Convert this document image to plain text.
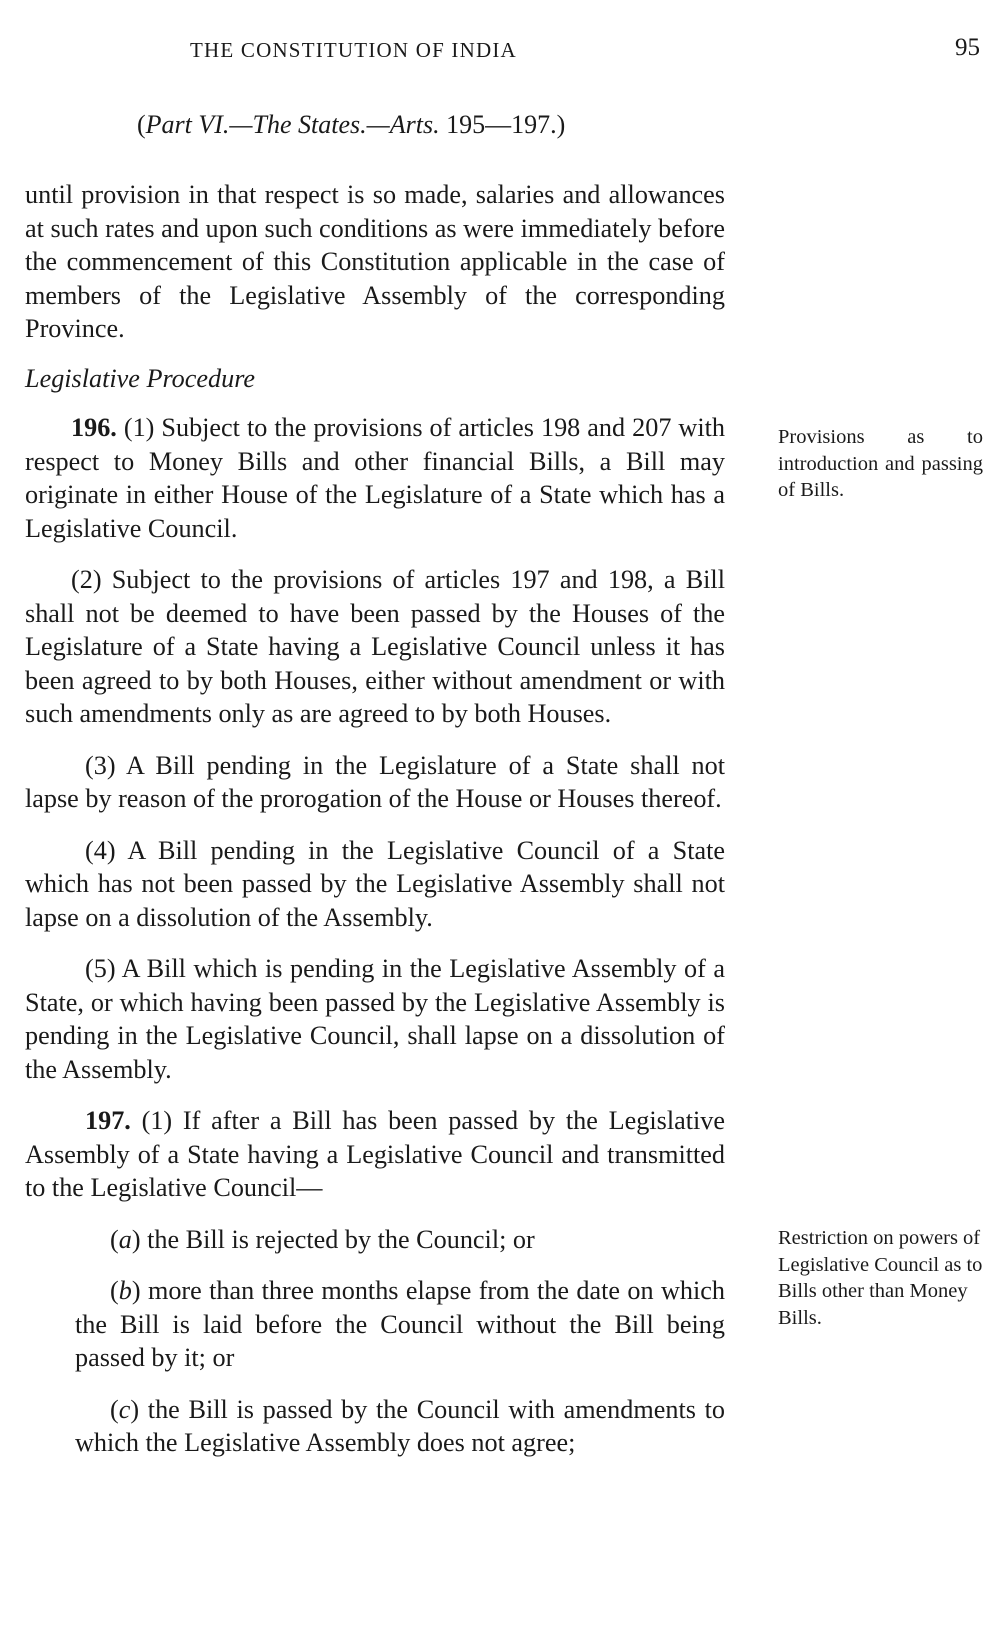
THE CONSTITUTION OF INDIA	95
(Part VI.—The States.—Arts. 195—197.)

until provision in that respect is so made, salaries and allowances at such rates and upon such conditions as were immediately before the commencement of this Constitution applicable in the case of members of the Legislative Assembly of the corresponding Province.

Legislative Procedure

196. (1) Subject to the provisions of articles 198 and 207 with respect to Money Bills and other financial Bills, a Bill may originate in either House of the Legislature of a State which has a Legislative Council.

(2) Subject to the provisions of articles 197 and 198, a Bill shall not be deemed to have been passed by the Houses of the Legislature of a State having a Legislative Council unless it has been agreed to by both Houses, either without amendment or with such amendments only as are agreed to by both Houses.

(3) A Bill pending in the Legislature of a State shall not lapse by reason of the prorogation of the House or Houses thereof.

(4) A Bill pending in the Legislative Council of a State which has not been passed by the Legislative Assembly shall not lapse on a dissolution of the Assembly.

(5) A Bill which is pending in the Legislative Assembly of a State, or which having been passed by the Legislative Assembly is pending in the Legislative Council, shall lapse on a dissolution of the Assembly.

197. (1) If after a Bill has been passed by the Legislative Assembly of a State having a Legislative Council and transmitted to the Legislative Council—

(a) the Bill is rejected by the Council; or

(b) more than three months elapse from the date on which the Bill is laid before the Council without the Bill being passed by it; or

(c) the Bill is passed by the Council with amendments to which the Legislative Assembly does not agree;

Provisions as to introduction and passing of Bills.
Restriction on powers of Legislative Council as to Bills other than Money Bills.
